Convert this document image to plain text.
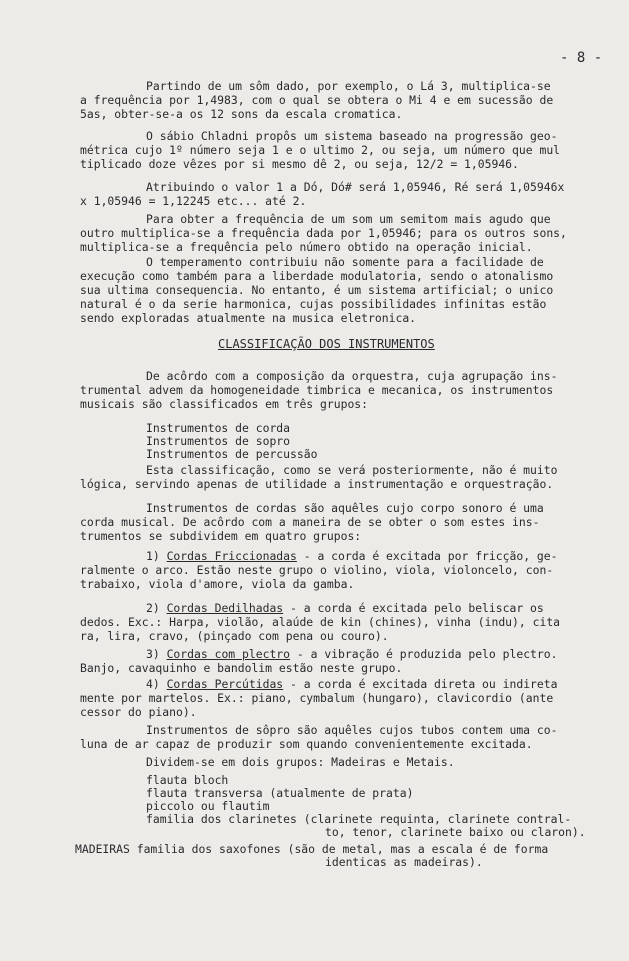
- 8 -
CLASSIFICAÇÃO DOS INSTRUMENTOS
Partindo de um sôm dado, por exemplo, o Lá 3, multiplica-se
a frequência por 1,4983, com o qual se obtera o Mi 4 e em sucessão de
5as, obter-se-a os 12 sons da escala cromatica.
O sábio Chladni propôs um sistema baseado na progressão geo-
métrica cujo 1º número seja 1 e o ultimo 2, ou seja, um número que mul
tiplicado doze vêzes por si mesmo dê 2, ou seja, 12/2 = 1,05946.
Atribuindo o valor 1 a Dó, Dó# será 1,05946, Ré será 1,05946x
x 1,05946 = 1,12245 etc... até 2.
Para obter a frequência de um som um semitom mais agudo que
outro multiplica-se a frequência dada por 1,05946; para os outros sons,
multiplica-se a frequência pelo número obtido na operação inicial.
O temperamento contribuiu não somente para a facilidade de
execução como também para a liberdade modulatoria, sendo o atonalismo
sua ultima consequencia. No entanto, é um sistema artificial; o unico
natural é o da serie harmonica, cujas possibilidades infinitas estão
sendo exploradas atualmente na musica eletronica.
De acôrdo com a composição da orquestra, cuja agrupação ins-
trumental advem da homogeneidade timbrica e mecanica, os instrumentos
musicais são classificados em três grupos:
Instrumentos de corda
Instrumentos de sopro
Instrumentos de percussão
Esta classificação, como se verá posteriormente, não é muito
lógica, servindo apenas de utilidade a instrumentação e orquestração.
Instrumentos de cordas são aquêles cujo corpo sonoro é uma
corda musical. De acôrdo com a maneira de se obter o som estes ins-
trumentos se subdividem em quatro grupos:
1) Cordas Friccionadas - a corda é excitada por fricção, ge-
ralmente o arco. Estão neste grupo o violino, viola, violoncelo, con-
trabaixo, viola d'amore, viola da gamba.
2) Cordas Dedilhadas - a corda é excitada pelo beliscar os
dedos. Exc.: Harpa, violão, alaúde de kin (chines), vinha (indu), cita
ra, lira, cravo, (pinçado com pena ou couro).
3) Cordas com plectro - a vibração é produzida pelo plectro.
Banjo, cavaquinho e bandolim estão neste grupo.
4) Cordas Percútidas - a corda é excitada direta ou indireta
mente por martelos. Ex.: piano, cymbalum (hungaro), clavicordio (ante
cessor do piano).
Instrumentos de sôpro são aquêles cujos tubos contem uma co-
luna de ar capaz de produzir som quando convenientemente excitada.
Dividem-se em dois grupos: Madeiras e Metais.
flauta bloch
flauta transversa (atualmente de prata)
piccolo ou flautim
familia dos clarinetes (clarinete requinta, clarinete contral-
to, tenor, clarinete baixo ou claron).
MADEIRAS familia dos saxofones (são de metal, mas a escala é de forma
identicas as madeiras).
